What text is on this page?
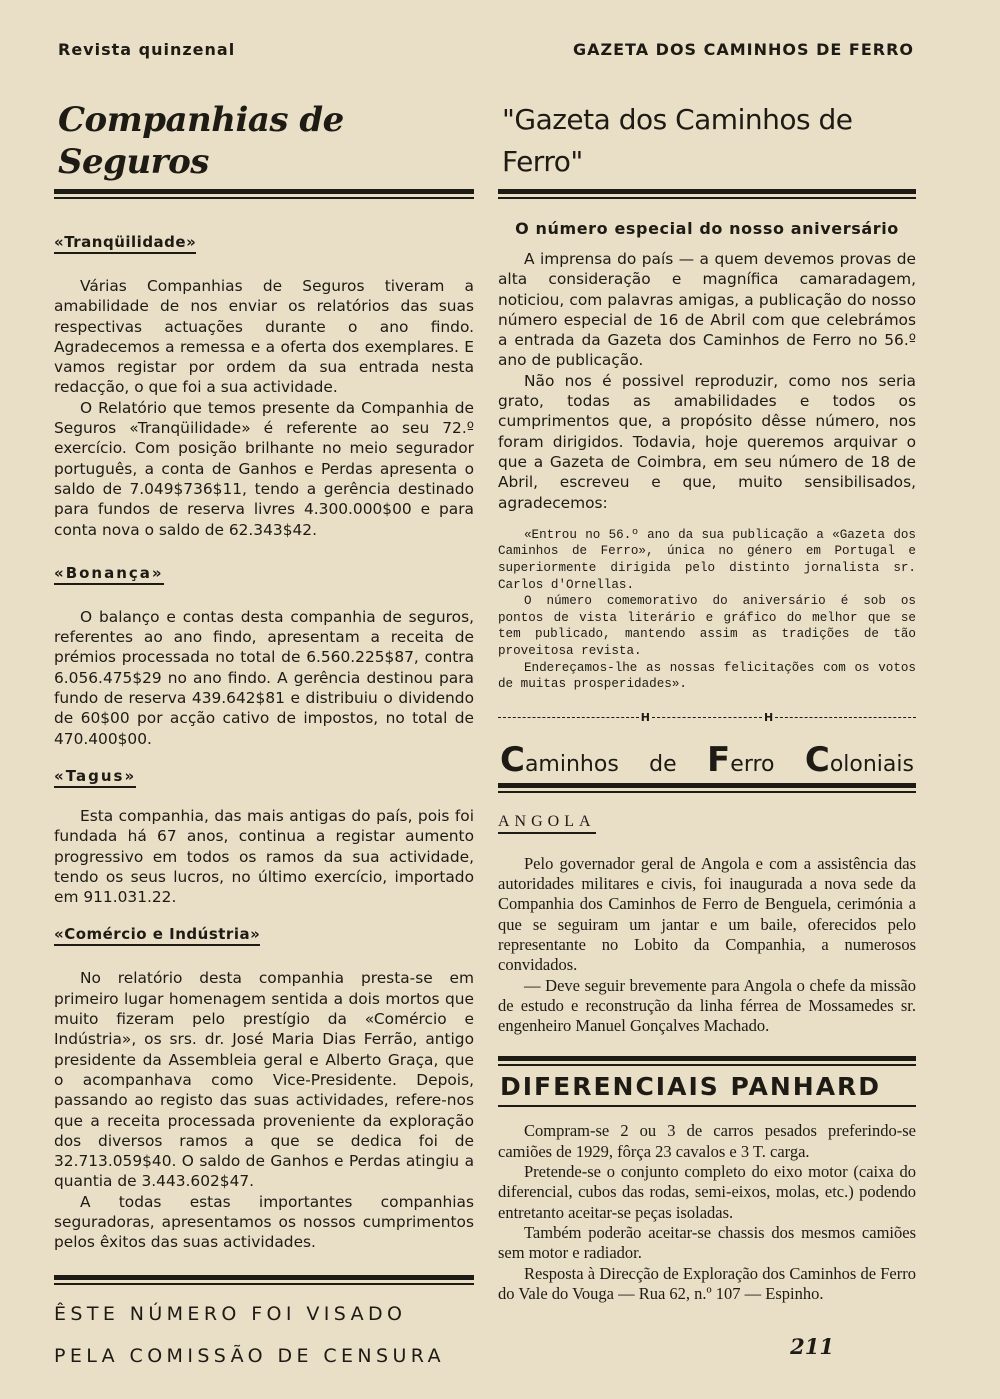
Revista quinzenal	GAZETA DOS CAMINHOS DE FERRO
Companhias de Seguros
«Tranqüilidade»

Várias Companhias de Seguros tiveram a amabilidade de nos enviar os relatórios das suas respectivas actuações durante o ano findo. Agradecemos a remessa e a oferta dos exemplares. E vamos registar por ordem da sua entrada nesta redacção, o que foi a sua actividade.

O Relatório que temos presente da Companhia de Seguros «Tranqüilidade» é referente ao seu 72.º exercício. Com posição brilhante no meio segurador português, a conta de Ganhos e Perdas apresenta o saldo de 7.049$736$11, tendo a gerência destinado para fundos de reserva livres 4.300.000$00 e para conta nova o saldo de 62.343$42.

«Bonança»

O balanço e contas desta companhia de seguros, referentes ao ano findo, apresentam a receita de prémios processada no total de 6.560.225$87, contra 6.056.475$29 no ano findo. A gerência destinou para fundo de reserva 439.642$81 e distribuiu o dividendo de 60$00 por acção cativo de impostos, no total de 470.400$00.

«Tagus»

Esta companhia, das mais antigas do país, pois foi fundada há 67 anos, continua a registar aumento progressivo em todos os ramos da sua actividade, tendo os seus lucros, no último exercício, importado em 911.031.22.

«Comércio e Indústria»

No relatório desta companhia presta-se em primeiro lugar homenagem sentida a dois mortos que muito fizeram pelo prestígio da «Comércio e Indústria», os srs. dr. José Maria Dias Ferrão, antigo presidente da Assembleia geral e Alberto Graça, que o acompanhava como Vice-Presidente. Depois, passando ao registo das suas actividades, refere-nos que a receita processada proveniente da exploração dos diversos ramos a que se dedica foi de 32.713.059$40. O saldo de Ganhos e Perdas atingiu a quantia de 3.443.602$47.

A todas estas importantes companhias seguradoras, apresentamos os nossos cumprimentos pelos êxitos das suas actividades.

ÊSTE NÚMERO FOI VISADO

PELA COMISSÃO DE CENSURA

"Gazeta dos Caminhos de Ferro"
O número especial do nosso aniversário

A imprensa do país — a quem devemos provas de alta consideração e magnífica camaradagem, noticiou, com palavras amigas, a publicação do nosso número especial de 16 de Abril com que celebrámos a entrada da Gazeta dos Caminhos de Ferro no 56.º ano de publicação.

Não nos é possivel reproduzir, como nos seria grato, todas as amabilidades e todos os cumprimentos que, a propósito dêsse número, nos foram dirigidos. Todavia, hoje queremos arquivar o que a Gazeta de Coimbra, em seu número de 18 de Abril, escreveu e que, muito sensibilisados, agradecemos:

«Entrou no 56.º ano da sua publicação a «Gazeta dos Caminhos de Ferro», única no género em Portugal e superiormente dirigida pelo distinto jornalista sr. Carlos d'Ornellas.

O número comemorativo do aniversário é sob os pontos de vista literário e gráfico do melhor que se tem publicado, mantendo assim as tradições de tão proveitosa revista.

Endereçamos-lhe as nossas felicitações com os votos de muitas prosperidades».

H	H
Caminhos de Ferro Coloniais
ANGOLA

Pelo governador geral de Angola e com a assistência das autoridades militares e civis, foi inaugurada a nova sede da Companhia dos Caminhos de Ferro de Benguela, cerimónia a que se seguiram um jantar e um baile, oferecidos pelo representante no Lobito da Companhia, a numerosos convidados.

— Deve seguir brevemente para Angola o chefe da missão de estudo e reconstrução da linha férrea de Mossamedes sr. engenheiro Manuel Gonçalves Machado.

DIFERENCIAIS PANHARD

Compram-se 2 ou 3 de carros pesados preferindo-se camiões de 1929, fôrça 23 cavalos e 3 T. carga.

Pretende-se o conjunto completo do eixo motor (caixa do diferencial, cubos das rodas, semi-eixos, molas, etc.) podendo entretanto aceitar-se peças isoladas.

Também poderão aceitar-se chassis dos mesmos camiões sem motor e radiador.

Resposta à Direcção de Exploração dos Caminhos de Ferro do Vale do Vouga — Rua 62, n.º 107 — Espinho.

211
